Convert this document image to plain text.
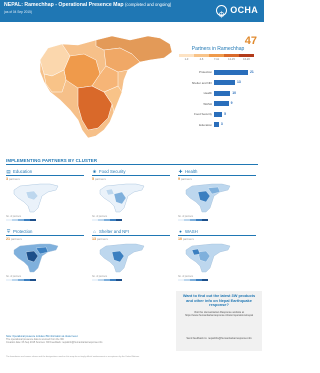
NEPAL: Ramechhap - Operational Presence Map (completed and ongoing)
(as of 04 Sep 2015)	OCHA
47
Partners in Ramechhap
1-3	4-6	7-11	12-15	16-20
Protection	21
Shelter and NFI	13
Health	10
WASH	9
Food Security	5
Education	3
IMPLEMENTING PARTNERS BY CLUSTER
▤ Education
3 partners
No. of partners
❀ Food Security
5 partners
No. of partners
✚ Health
9 partners
No. of partners
⛨ Protection
21 partners
No. of partners
⌂ Shelter and NFI
13 partners
No. of partners
● WASH
10 partners
No. of partners
Want to find out the latest 3W products and other info on Nepal Earthquake response?
Visit the Humanitarian Response website at https://www.humanitarianresponse.info/en/operations/nepal
Send feedback to: nepalinfo@humanitarianresponse.info
Note: Operational presence includes 3W information at cluster level.
The operational presence data is sourced from the 3W.
Creation date: 06 Sep 2015 Sources: 3W Feedback: nepalinfo@humanitarianresponse.info
The boundaries and names shown and the designations used on this map do not imply official endorsement or acceptance by the United Nations.
